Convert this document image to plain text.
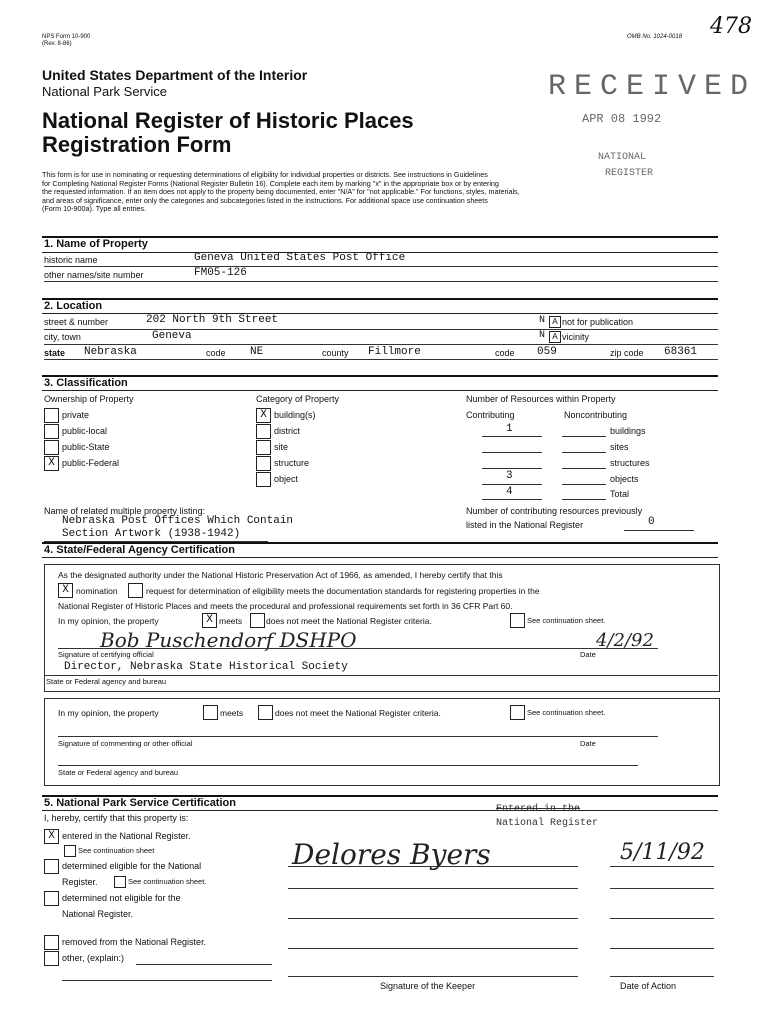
NPS Form 10-900
(Rev. 8-86)
OMB No. 1024-0018 478
United States Department of the Interior
National Park Service
National Register of Historic Places
Registration Form
RECEIVED
APR 08 1992
NATIONAL
REGISTER
This form is for use in nominating or requesting determinations of eligibility for individual properties or districts. See instructions in Guidelines
for Completing National Register Forms (National Register Bulletin 16). Complete each item by marking "x" in the appropriate box or by entering
the requested information. If an item does not apply to the property being documented, enter "N/A" for "not applicable." For functions, styles, materials,
and areas of significance, enter only the categories and subcategories listed in the instructions. For additional space use continuation sheets
(Form 10-900a). Type all entries.
1. Name of Property
historic name	Geneva United States Post Office
other names/site number	FM05-126
2. Location
street & number	202 North 9th Street	N A not for publication
city, town	Geneva	N A vicinity
state Nebraska	code NE	county Fillmore	code 059	zip code 68361
3. Classification
Ownership of Property
private
public-local
public-State
X public-Federal
Category of Property
X building(s)
district
site
structure
object
Number of Resources within Property
Contributing	Noncontributing
1	buildings
sites
structures
3	objects
4	Total
Name of related multiple property listing:
Nebraska Post Offices Which Contain
Section Artwork (1938-1942)
Number of contributing resources previously
listed in the National Register	0
4. State/Federal Agency Certification
As the designated authority under the National Historic Preservation Act of 1966, as amended, I hereby certify that this
X nomination	request for determination of eligibility meets the documentation standards for registering properties in the
National Register of Historic Places and meets the procedural and professional requirements set forth in 36 CFR Part 60.
In my opinion, the property	X meets	does not meet the National Register criteria.	See continuation sheet.
Bob Puschendorf DSHPO	4/2/92
Signature of certifying official	Date
Director, Nebraska State Historical Society
State or Federal agency and bureau
In my opinion, the property	meets	does not meet the National Register criteria.	See continuation sheet.
Signature of commenting or other official	Date
State or Federal agency and bureau
5. National Park Service Certification
I, hereby, certify that this property is:
X entered in the National Register.
See continuation sheet
determined eligible for the National
Register.	See continuation sheet.
determined not eligible for the
National Register.
removed from the National Register.
other, (explain:)
Entered in the
National Register
Delores Byers	5/11/92
Signature of the Keeper	Date of Action
